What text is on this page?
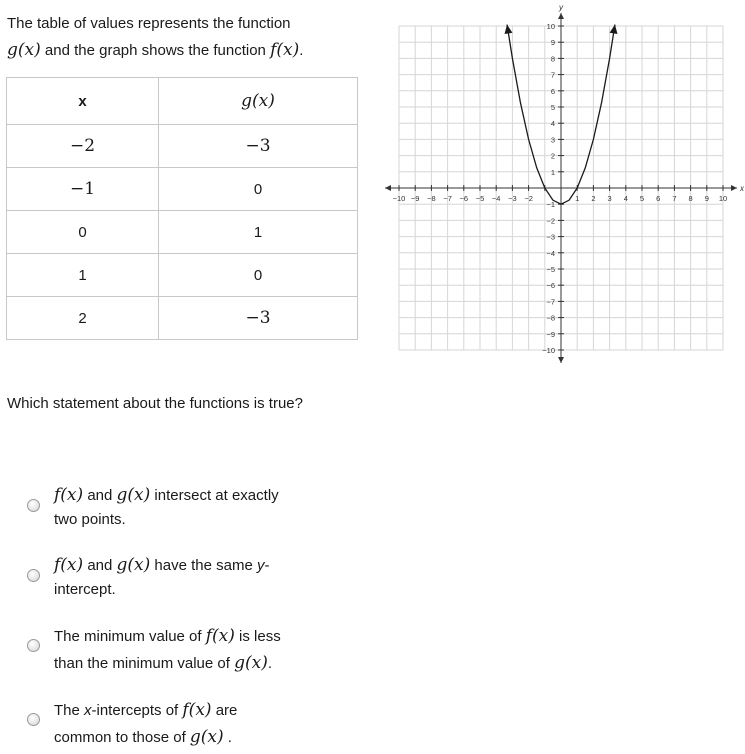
The table of values represents the function
g(x) and the graph shows the function f(x).
x	g(x)
−2	−3
−1	0
0	1
1	0
2	−3
−10 −9 −8 −7 −6 −5 −4 −3 −2	1 2 3 4 5 6 7 8 9 10
1
2
3
4
5
6
7
8
9
10
−1
−2
−3
−4
−5
−6
−7
−8
−9
−10
x
y
Which statement about the functions is true?
f(x) and g(x) intersect at exactly
two points.
f(x) and g(x) have the same y-
intercept.
The minimum value of f(x) is less
than the minimum value of g(x).
The x-intercepts of f(x) are
common to those of g(x) .
